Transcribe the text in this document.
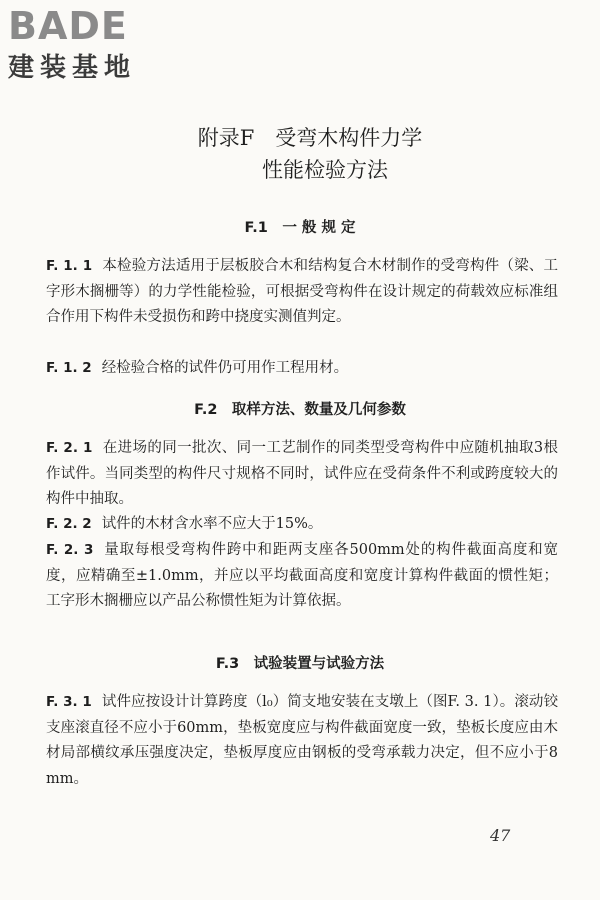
BADE
建装基地
附录F　受弯木构件力学
性能检验方法
F.1　一 般 规 定
F. 1. 1 本检验方法适用于层板胶合木和结构复合木材制作的受弯构件（梁、工字形木搁栅等）的力学性能检验，可根据受弯构件在设计规定的荷载效应标准组合作用下构件未受损伤和跨中挠度实测值判定。
F. 1. 2 经检验合格的试件仍可用作工程用材。
F.2　取样方法、数量及几何参数
F. 2. 1 在进场的同一批次、同一工艺制作的同类型受弯构件中应随机抽取3根作试件。当同类型的构件尺寸规格不同时，试件应在受荷条件不利或跨度较大的构件中抽取。
F. 2. 2 试件的木材含水率不应大于15%。
F. 2. 3 量取每根受弯构件跨中和距两支座各500mm处的构件截面高度和宽度，应精确至±1.0mm，并应以平均截面高度和宽度计算构件截面的惯性矩；工字形木搁栅应以产品公称惯性矩为计算依据。
F.3　试验装置与试验方法
F. 3. 1 试件应按设计计算跨度（l₀）简支地安装在支墩上（图F. 3. 1）。滚动铰支座滚直径不应小于60mm，垫板宽度应与构件截面宽度一致，垫板长度应由木材局部横纹承压强度决定，垫板厚度应由钢板的受弯承载力决定，但不应小于8mm。
47
